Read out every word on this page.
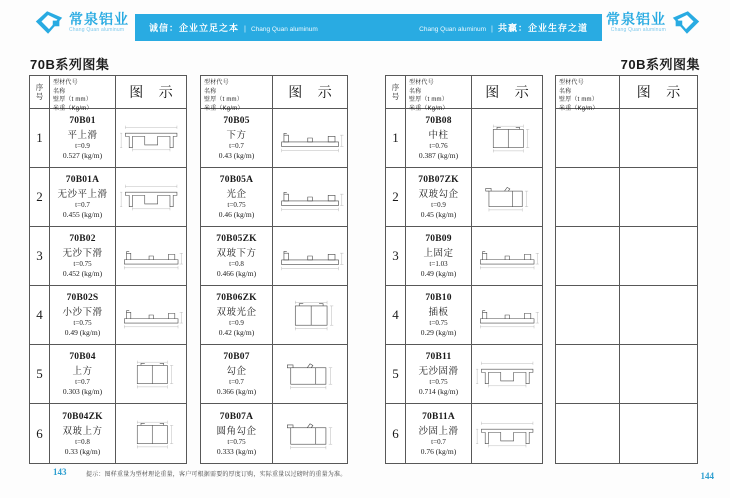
常泉铝业
Chang Quan aluminum	诚信：企业立足之本 | Chang Quan aluminum	Chang Quan aluminum | 共赢：企业生存之道
常泉铝业
Chang Quan aluminum
70B系列图集	70B系列图集
序号
型材代号
名称
壁厚（t mm）
米重（Kg/m）
图 示
1
70B01
平上滑
t=0.9
0.527 (kg/m)
2
70B01A
无沙平上滑
t=0.7
0.455 (kg/m)
3
70B02
无沙下滑
t=0.75
0.452 (kg/m)
4
70B02S
小沙下滑
t=0.75
0.49 (kg/m)
5
70B04
上方
t=0.7
0.303 (kg/m)
6
70B04ZK
双玻上方
t=0.8
0.33 (kg/m)
型材代号
名称
壁厚（t mm）
米重（Kg/m）
图 示
70B05
下方
t=0.7
0.43 (kg/m)
70B05A
光企
t=0.75
0.46 (kg/m)
70B05ZK
双玻下方
t=0.8
0.466 (kg/m)
70B06ZK
双玻光企
t=0.9
0.42 (kg/m)
70B07
勾企
t=0.7
0.366 (kg/m)
70B07A
圆角勾企
t=0.75
0.333 (kg/m)
序号
型材代号
名称
壁厚（t mm）
米重（Kg/m）
图 示
1
70B08
中柱
t=0.76
0.387 (kg/m)
2
70B07ZK
双玻勾企
t=0.9
0.45 (kg/m)
3
70B09
上固定
t=1.03
0.49 (kg/m)
4
70B10
插板
t=0.75
0.29 (kg/m)
5
70B11
无沙固滑
t=0.75
0.714 (kg/m)
6
70B11A
沙固上滑
t=0.7
0.76 (kg/m)
型材代号
名称
壁厚（t mm）
米重（Kg/m）
图 示
143	提示：图样重量为型材理论重量，客户可根据需要的厚度订购，实际重量以过磅时的重量为准。	144
